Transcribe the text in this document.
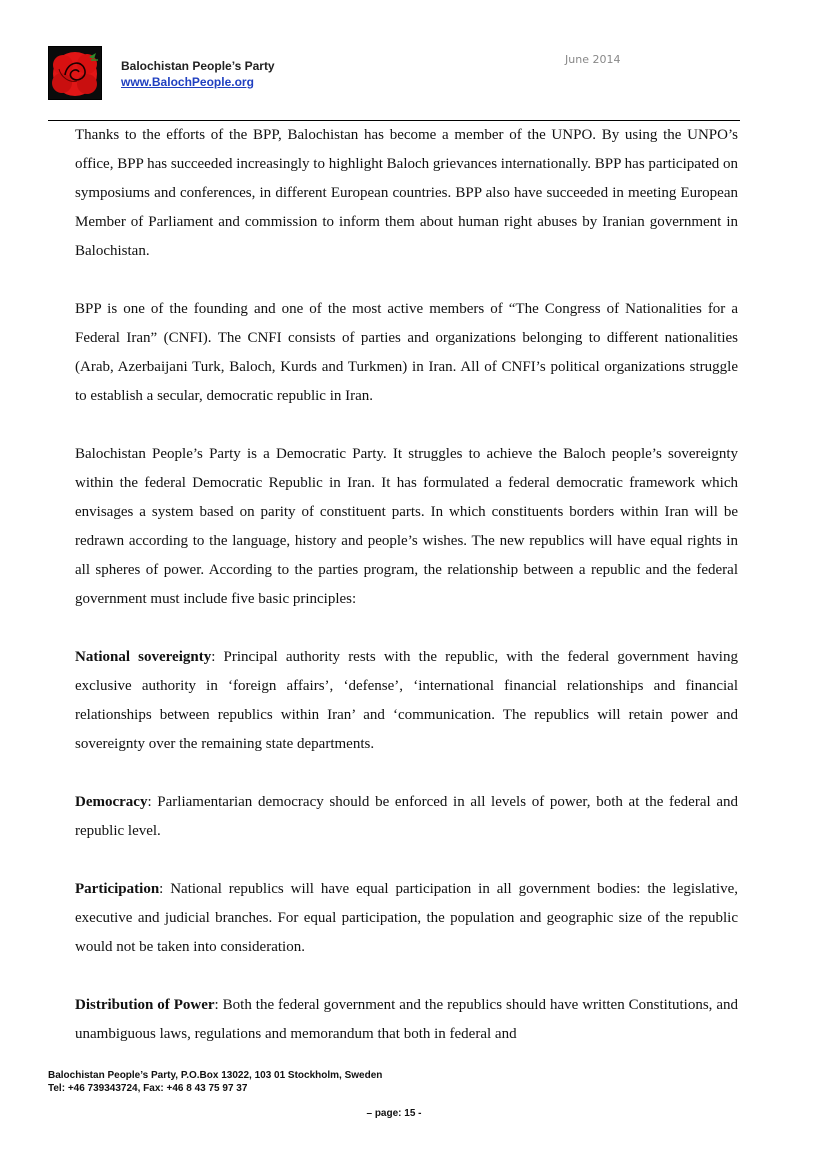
Balochistan People’s Party
www.BalochPeople.org
June 2014

Thanks to the efforts of the BPP, Balochistan has become a member of the UNPO. By using the UNPO’s office, BPP has succeeded increasingly to highlight Baloch grievances internationally. BPP has participated on symposiums and conferences, in different European countries. BPP also have succeeded in meeting European Member of Parliament and commission to inform them about human right abuses by Iranian government in Balochistan.

BPP is one of the founding and one of the most active members of “The Congress of Nationalities for a Federal Iran” (CNFI). The CNFI consists of parties and organizations belonging to different nationalities (Arab, Azerbaijani Turk, Baloch, Kurds and Turkmen) in Iran. All of CNFI’s political organizations struggle to establish a secular, democratic republic in Iran.

Balochistan People’s Party is a Democratic Party. It struggles to achieve the Baloch people’s sovereignty within the federal Democratic Republic in Iran. It has formulated a federal democratic framework which envisages a system based on parity of constituent parts. In which constituents borders within Iran will be redrawn according to the language, history and people’s wishes. The new republics will have equal rights in all spheres of power. According to the parties program, the relationship between a republic and the federal government must include five basic principles:

National sovereignty: Principal authority rests with the republic, with the federal government having exclusive authority in ‘foreign affairs’, ‘defense’, ‘international financial relationships and financial relationships between republics within Iran’ and ‘communication. The republics will retain power and sovereignty over the remaining state departments.

Democracy: Parliamentarian democracy should be enforced in all levels of power, both at the federal and republic level.

Participation: National republics will have equal participation in all government bodies: the legislative, executive and judicial branches. For equal participation, the population and geographic size of the republic would not be taken into consideration.

Distribution of Power: Both the federal government and the republics should have written Constitutions, and unambiguous laws, regulations and memorandum that both in federal and

Balochistan People’s Party, P.O.Box 13022, 103 01 Stockholm, Sweden
Tel: +46 739343724, Fax: +46 8 43 75 97 37
– page: 15 -
